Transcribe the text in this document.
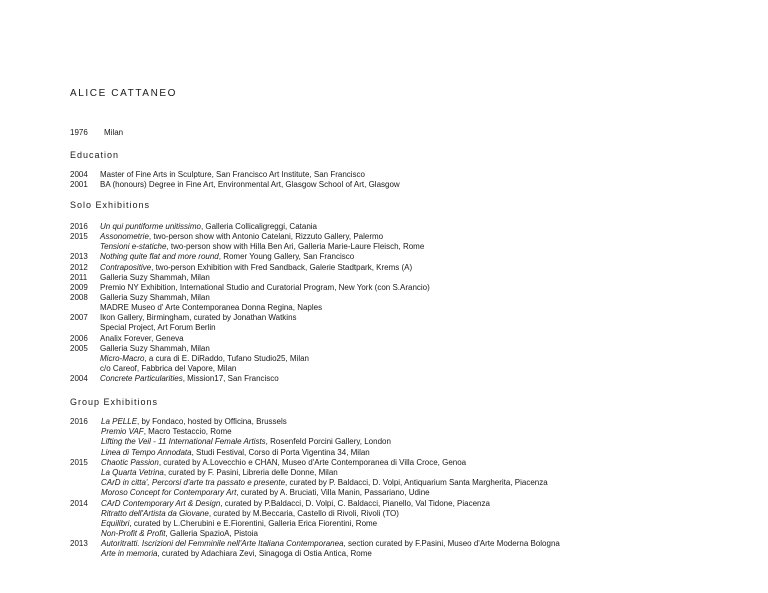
ALICE CATTANEO
1976 Milan
Education
2004 Master of Fine Arts in Sculpture, San Francisco Art Institute, San Francisco
2001 BA (honours) Degree in Fine Art, Environmental Art, Glasgow School of Art, Glasgow
Solo Exhibitions
2016 Un qui puntiforme unitissimo, Galleria Collicaligreggi, Catania
2015 Assonometrie, two-person show with Antonio Catelani, Rizzuto Gallery, Palermo
Tensioni e-statiche, two-person show with Hilla Ben Ari, Galleria Marie-Laure Fleisch, Rome
2013 Nothing quite flat and more round, Romer Young Gallery, San Francisco
2012 Contrapositive, two-person Exhibition with Fred Sandback, Galerie Stadtpark, Krems (A)
2011 Galleria Suzy Shammah, Milan
2009 Premio NY Exhibition, International Studio and Curatorial Program, New York (con S.Arancio)
2008 Galleria Suzy Shammah, Milan
MADRE Museo d' Arte Contemporanea Donna Regina, Naples
2007 Ikon Gallery, Birmingham, curated by Jonathan Watkins
Special Project, Art Forum Berlin
2006 Analix Forever, Geneva
2005 Galleria Suzy Shammah, Milan
Micro-Macro, a cura di E. DiRaddo, Tufano Studio25, Milan
c/o Careof, Fabbrica del Vapore, Milan
2004 Concrete Particularities, Mission17, San Francisco
Group Exhibitions
2016 La PELLE, by Fondaco, hosted by Officina, Brussels
Premio VAF, Macro Testaccio, Rome
Lifting the Veil - 11 International Female Artists, Rosenfeld Porcini Gallery, London
Linea di Tempo Annodata, Studi Festival, Corso di Porta Vigentina 34, Milan
2015 Chaotic Passion, curated by A.Lovecchio e CHAN, Museo d'Arte Contemporanea di Villa Croce, Genoa
La Quarta Vetrina, curated by F. Pasini, Libreria delle Donne, Milan
CArD in citta', Percorsi d'arte tra passato e presente, curated by P. Baldacci, D. Volpi, Antiquarium Santa Margherita, Piacenza
Moroso Concept for Contemporary Art, curated by A. Bruciati, Villa Manin, Passariano, Udine
2014 CArD Contemporary Art & Design, curated by P.Baldacci, D. Volpi, C. Baldacci, Pianello, Val Tidone, Piacenza
Ritratto dell'Artista da Giovane, curated by M.Beccaria, Castello di Rivoli, Rivoli (TO)
Equilibri, curated by L.Cherubini e E.Fiorentini, Galleria Erica Fiorentini, Rome
Non-Profit & Profit, Galleria SpazioA, Pistoia
2013 Autoritratti. Iscrizioni del Femminile nell'Arte Italiana Contemporanea, section curated by F.Pasini, Museo d'Arte Moderna Bologna
Arte in memoria, curated by Adachiara Zevi, Sinagoga di Ostia Antica, Rome
